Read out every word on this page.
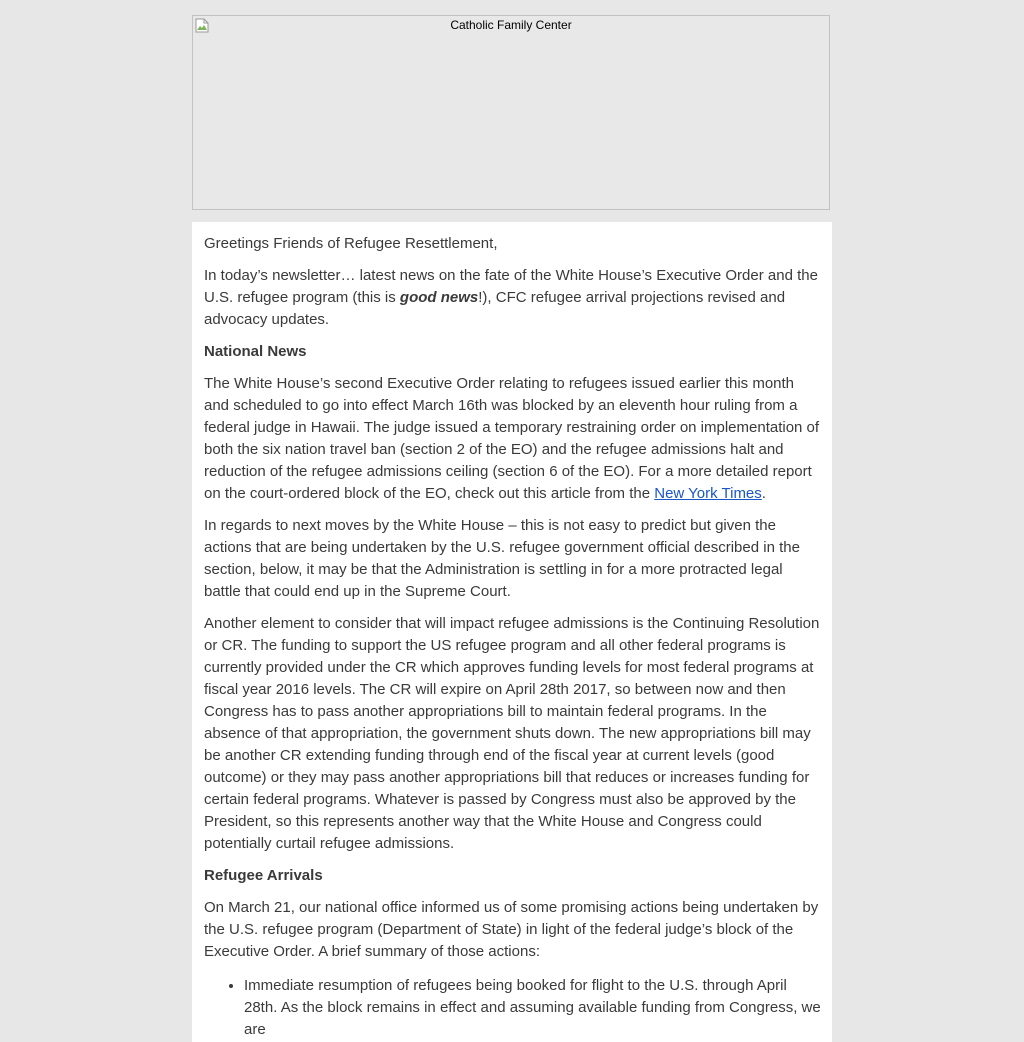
Catholic Family Center

Greetings Friends of Refugee Resettlement,

In today’s newsletter… latest news on the fate of the White House’s Executive Order and the U.S. refugee program (this is good news!), CFC refugee arrival projections revised and advocacy updates.

National News

The White House’s second Executive Order relating to refugees issued earlier this month and scheduled to go into effect March 16th was blocked by an eleventh hour ruling from a federal judge in Hawaii. The judge issued a temporary restraining order on implementation of both the six nation travel ban (section 2 of the EO) and the refugee admissions halt and reduction of the refugee admissions ceiling (section 6 of the EO). For a more detailed report on the court-ordered block of the EO, check out this article from the New York Times.

In regards to next moves by the White House – this is not easy to predict but given the actions that are being undertaken by the U.S. refugee government official described in the section, below, it may be that the Administration is settling in for a more protracted legal battle that could end up in the Supreme Court.

Another element to consider that will impact refugee admissions is the Continuing Resolution or CR. The funding to support the US refugee program and all other federal programs is currently provided under the CR which approves funding levels for most federal programs at fiscal year 2016 levels. The CR will expire on April 28th 2017, so between now and then Congress has to pass another appropriations bill to maintain federal programs. In the absence of that appropriation, the government shuts down. The new appropriations bill may be another CR extending funding through end of the fiscal year at current levels (good outcome) or they may pass another appropriations bill that reduces or increases funding for certain federal programs. Whatever is passed by Congress must also be approved by the President, so this represents another way that the White House and Congress could potentially curtail refugee admissions.

Refugee Arrivals

On March 21, our national office informed us of some promising actions being undertaken by the U.S. refugee program (Department of State) in light of the federal judge’s block of the Executive Order. A brief summary of those actions:

• Immediate resumption of refugees being booked for flight to the U.S. through April 28th. As the block remains in effect and assuming available funding from Congress, we are
